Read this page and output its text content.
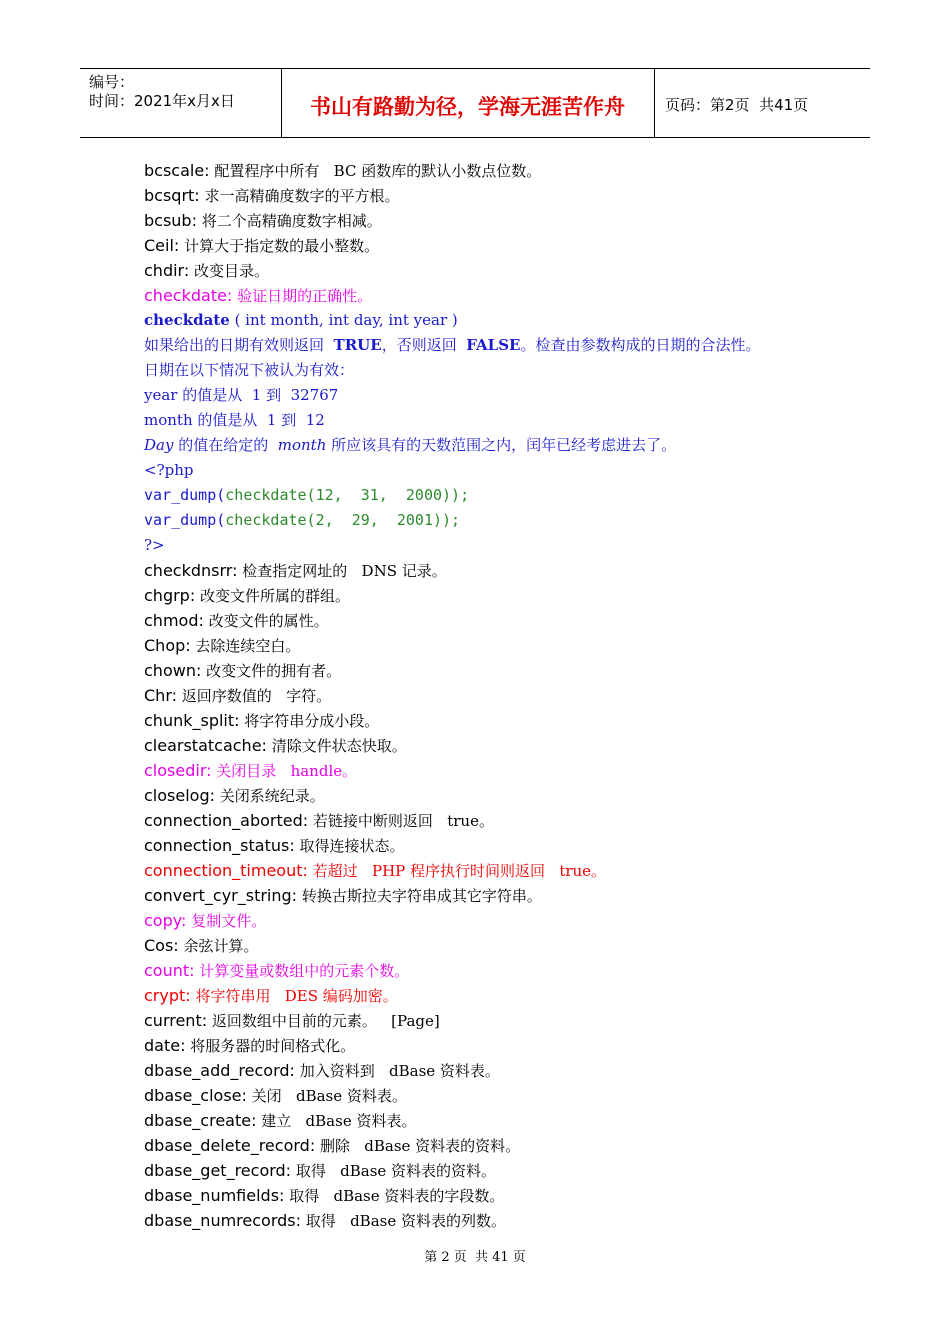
编号：
时间：2021年x月x日	书山有路勤为径，学海无涯苦作舟	页码：第2页  共41页
bcscale: 配置程序中所有   BC 函数库的默认小数点位数。
bcsqrt: 求一高精确度数字的平方根。
bcsub: 将二个高精确度数字相减。
Ceil: 计算大于指定数的最小整数。
chdir: 改变目录。
checkdate: 验证日期的正确性。
checkdate ( int month, int day, int year )
如果给出的日期有效则返回  TRUE，否则返回  FALSE。检查由参数构成的日期的合法性。
日期在以下情况下被认为有效：
year 的值是从  1 到  32767
month 的值是从  1 到  12
Day 的值在给定的  month 所应该具有的天数范围之内，闰年已经考虑进去了。
<?php
var_dump(checkdate(12,  31,  2000));
var_dump(checkdate(2,  29,  2001));
?>
checkdnsrr: 检查指定网址的   DNS 记录。
chgrp: 改变文件所属的群组。
chmod: 改变文件的属性。
Chop: 去除连续空白。
chown: 改变文件的拥有者。
Chr: 返回序数值的   字符。
chunk_split: 将字符串分成小段。
clearstatcache: 清除文件状态快取。
closedir: 关闭目录   handle。
closelog: 关闭系统纪录。
connection_aborted: 若链接中断则返回   true。
connection_status: 取得连接状态。
connection_timeout: 若超过   PHP 程序执行时间则返回   true。
convert_cyr_string: 转换古斯拉夫字符串成其它字符串。
copy: 复制文件。
Cos: 余弦计算。
count: 计算变量或数组中的元素个数。
crypt: 将字符串用   DES 编码加密。
current: 返回数组中目前的元素。   [Page]
date: 将服务器的时间格式化。
dbase_add_record: 加入资料到   dBase 资料表。
dbase_close: 关闭   dBase 资料表。
dbase_create: 建立   dBase 资料表。
dbase_delete_record: 删除   dBase 资料表的资料。
dbase_get_record: 取得   dBase 资料表的资料。
dbase_numfields: 取得   dBase 资料表的字段数。
dbase_numrecords: 取得   dBase 资料表的列数。
第 2 页  共 41 页
